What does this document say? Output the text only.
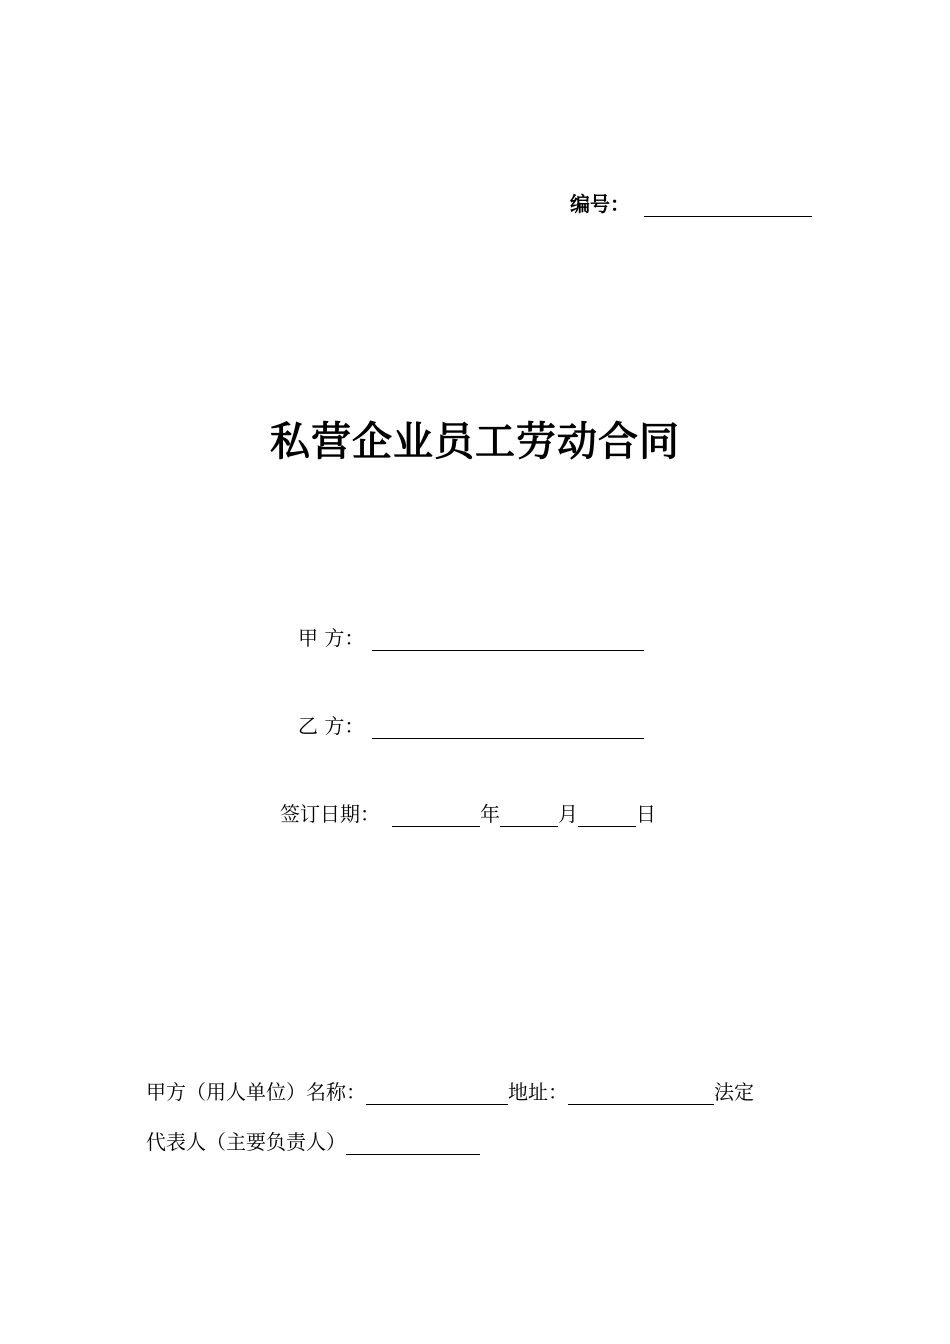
编号：
私营企业员工劳动合同
甲 方：
乙 方：
签订日期：	年	月	日
甲方（用人单位）名称：	地址：	法定
代表人（主要负责人）
